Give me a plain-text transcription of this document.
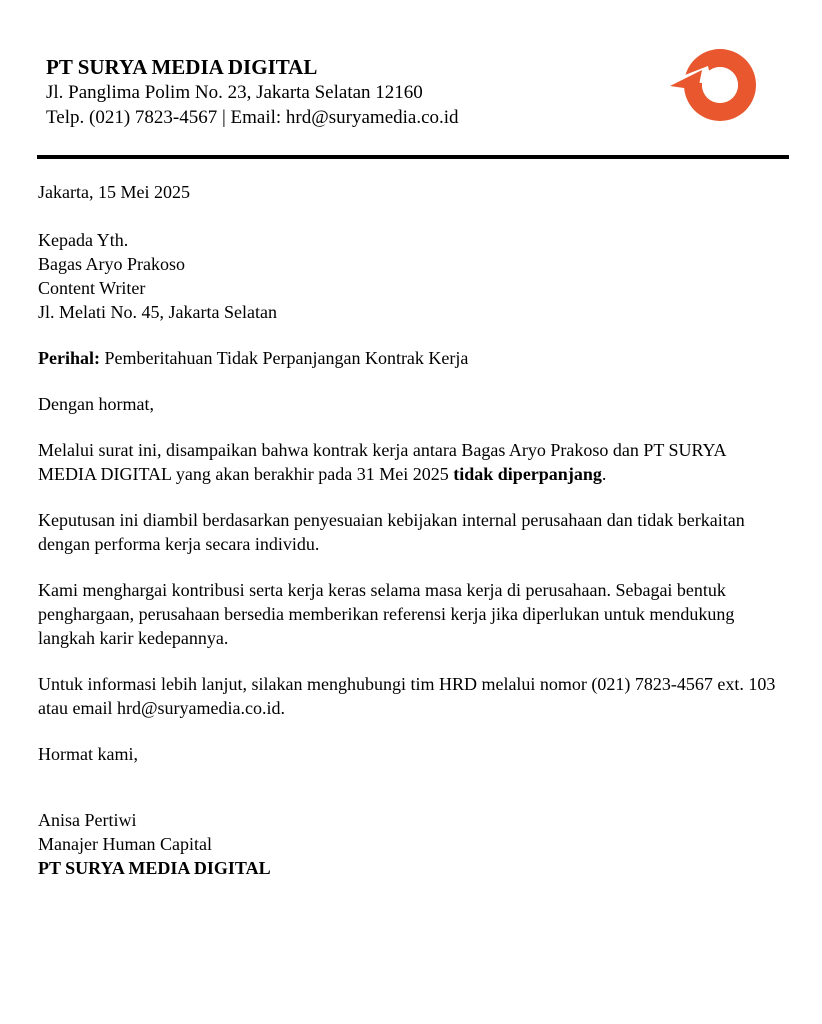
PT SURYA MEDIA DIGITAL
Jl. Panglima Polim No. 23, Jakarta Selatan 12160
Telp. (021) 7823-4567 | Email: hrd@suryamedia.co.id

Jakarta, 15 Mei 2025

Kepada Yth.

Bagas Aryo Prakoso

Content Writer

Jl. Melati No. 45, Jakarta Selatan

Perihal: Pemberitahuan Tidak Perpanjangan Kontrak Kerja

Dengan hormat,

Melalui surat ini, disampaikan bahwa kontrak kerja antara Bagas Aryo Prakoso dan PT SURYA MEDIA DIGITAL yang akan berakhir pada 31 Mei 2025 tidak diperpanjang.

Keputusan ini diambil berdasarkan penyesuaian kebijakan internal perusahaan dan tidak berkaitan dengan performa kerja secara individu.

Kami menghargai kontribusi serta kerja keras selama masa kerja di perusahaan. Sebagai bentuk penghargaan, perusahaan bersedia memberikan referensi kerja jika diperlukan untuk mendukung langkah karir kedepannya.

Untuk informasi lebih lanjut, silakan menghubungi tim HRD melalui nomor (021) 7823-4567 ext. 103 atau email hrd@suryamedia.co.id.

Hormat kami,

Anisa Pertiwi

Manajer Human Capital

PT SURYA MEDIA DIGITAL
